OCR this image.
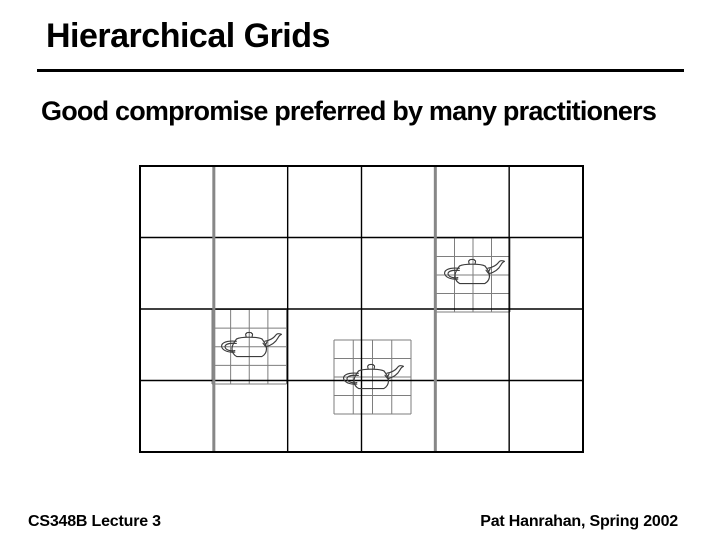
Hierarchical Grids
Good compromise preferred by many practitioners
CS348B Lecture 3	Pat Hanrahan, Spring 2002
